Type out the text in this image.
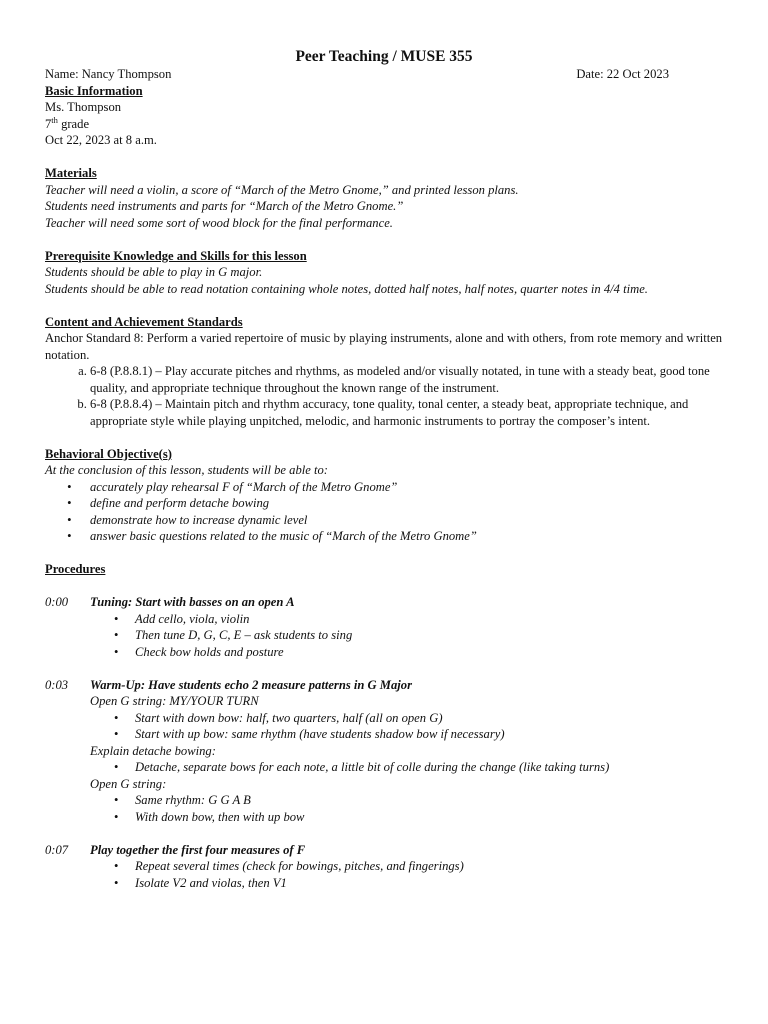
Peer Teaching / MUSE 355
Name: Nancy Thompson	Date: 22 Oct 2023
Basic Information
Ms. Thompson
7th grade
Oct 22, 2023 at 8 a.m.
Materials
Teacher will need a violin, a score of “March of the Metro Gnome,” and printed lesson plans.
Students need instruments and parts for “March of the Metro Gnome.”
Teacher will need some sort of wood block for the final performance.
Prerequisite Knowledge and Skills for this lesson
Students should be able to play in G major.
Students should be able to read notation containing whole notes, dotted half notes, half notes, quarter notes in 4/4 time.
Content and Achievement Standards
Anchor Standard 8: Perform a varied repertoire of music by playing instruments, alone and with others, from rote memory and written notation.
a. 6-8 (P.8.8.1) – Play accurate pitches and rhythms, as modeled and/or visually notated, in tune with a steady beat, good tone quality, and appropriate technique throughout the known range of the instrument.
b. 6-8 (P.8.8.4) – Maintain pitch and rhythm accuracy, tone quality, tonal center, a steady beat, appropriate technique, and appropriate style while playing unpitched, melodic, and harmonic instruments to portray the composer’s intent.
Behavioral Objective(s)
At the conclusion of this lesson, students will be able to:
• accurately play rehearsal F of “March of the Metro Gnome”
• define and perform detache bowing
• demonstrate how to increase dynamic level
• answer basic questions related to the music of “March of the Metro Gnome”
Procedures
0:00	Tuning: Start with basses on an open A
• Add cello, viola, violin
• Then tune D, G, C, E – ask students to sing
• Check bow holds and posture
0:03	Warm-Up: Have students echo 2 measure patterns in G Major
Open G string: MY/YOUR TURN
• Start with down bow: half, two quarters, half (all on open G)
• Start with up bow: same rhythm (have students shadow bow if necessary)
Explain detache bowing:
• Detache, separate bows for each note, a little bit of colle during the change (like taking turns)
Open G string:
• Same rhythm: G G A B
• With down bow, then with up bow
0:07	Play together the first four measures of F
• Repeat several times (check for bowings, pitches, and fingerings)
• Isolate V2 and violas, then V1
